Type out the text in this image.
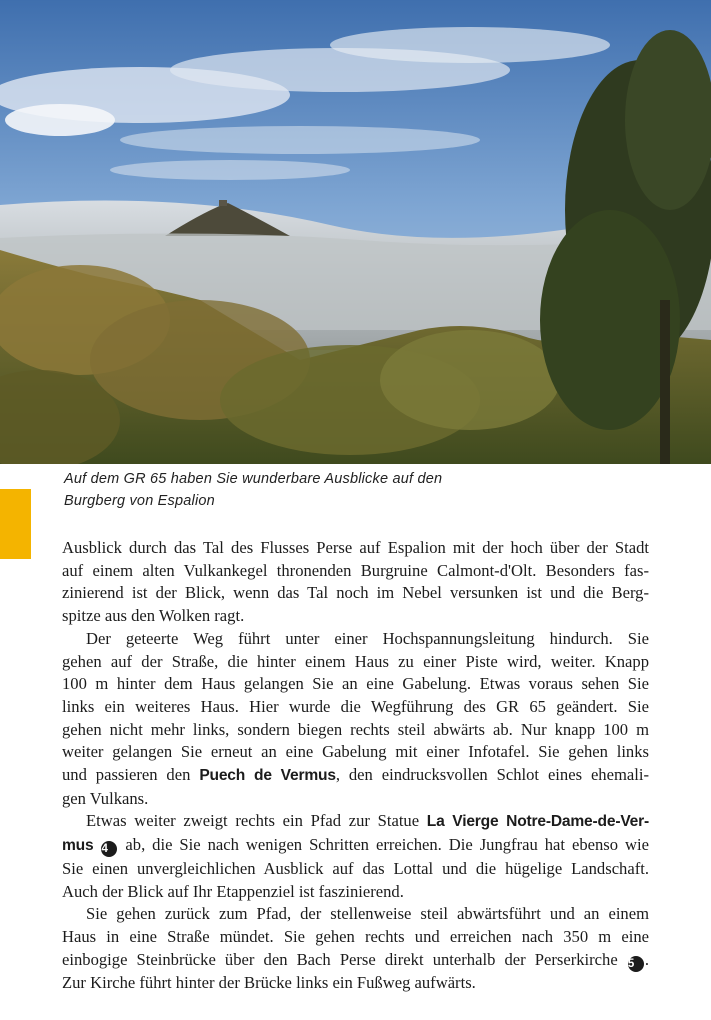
Auf dem GR 65 haben Sie wunderbare Ausblicke auf den
Burgberg von Espalion

Ausblick durch das Tal des Flusses Perse auf Espalion mit der hoch über der Stadt
auf einem alten Vulkankegel thronenden Burgruine Calmont-d'Olt. Besonders fas-
zinierend ist der Blick, wenn das Tal noch im Nebel versunken ist und die Berg-
spitze aus den Wolken ragt.

Der geteerte Weg führt unter einer Hochspannungsleitung hindurch. Sie
gehen auf der Straße, die hinter einem Haus zu einer Piste wird, weiter. Knapp
100 m hinter dem Haus gelangen Sie an eine Gabelung. Etwas voraus sehen Sie
links ein weiteres Haus. Hier wurde die Wegführung des GR 65 geändert. Sie
gehen nicht mehr links, sondern biegen rechts steil abwärts ab. Nur knapp 100 m
weiter gelangen Sie erneut an eine Gabelung mit einer Infotafel. Sie gehen links
und passieren den Puech de Vermus, den eindrucksvollen Schlot eines ehemali-
gen Vulkans.

Etwas weiter zweigt rechts ein Pfad zur Statue La Vierge Notre-Dame-de-Ver-
mus 4 ab, die Sie nach wenigen Schritten erreichen. Die Jungfrau hat ebenso wie
Sie einen unvergleichlichen Ausblick auf das Lottal und die hügelige Landschaft.
Auch der Blick auf Ihr Etappenziel ist faszinierend.

Sie gehen zurück zum Pfad, der stellenweise steil abwärtsführt und an einem
Haus in eine Straße mündet. Sie gehen rechts und erreichen nach 350 m eine
einbogige Steinbrücke über den Bach Perse direkt unterhalb der Perserkirche 5 .
Zur Kirche führt hinter der Brücke links ein Fußweg aufwärts.
